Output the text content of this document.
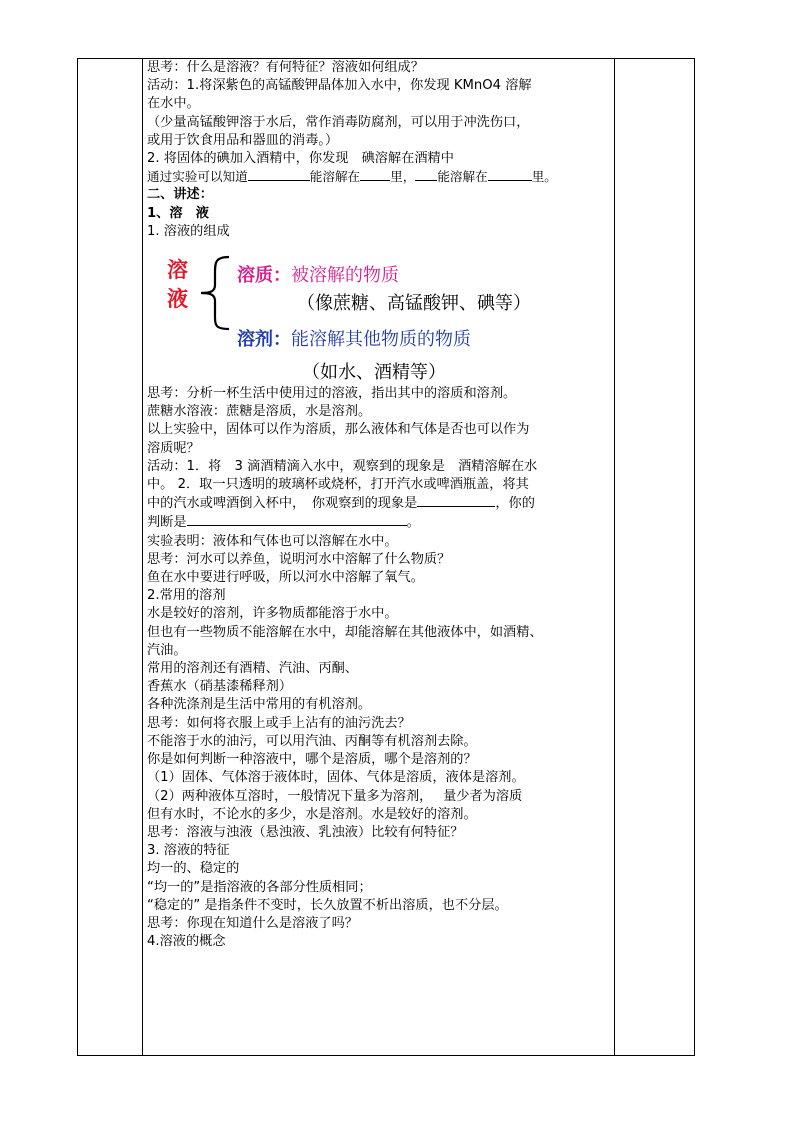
思考：什么是溶液？有何特征？溶液如何组成？

活动：1.将深紫色的高锰酸钾晶体加入水中，你发现 KMnO4 溶解

在水中。

（少量高锰酸钾溶于水后，常作消毒防腐剂，可以用于冲洗伤口，

或用于饮食用品和器皿的消毒。）

2. 将固体的碘加入酒精中，你发现　碘溶解在酒精中

通过实验可以知道	能溶解在 里， 能溶解在	里。

二、讲述：

1、溶　液

1. 溶液的组成

溶
液
溶质：被溶解的物质
（像蔗糖、高锰酸钾、碘等）
溶剂：能溶解其他物质的物质
（如水、酒精等）

思考：分析一杯生活中使用过的溶液，指出其中的溶质和溶剂。

蔗糖水溶液：蔗糖是溶质，水是溶剂。

以上实验中，固体可以作为溶质，那么液体和气体是否也可以作为

溶质呢？

活动：1．将　3 滴酒精滴入水中，观察到的现象是　酒精溶解在水

中。 2．取一只透明的玻璃杯或烧杯，打开汽水或啤酒瓶盖，将其

中的汽水或啤酒倒入杯中，　你观察到的现象是	，你的

判断是	。

实验表明：液体和气体也可以溶解在水中。

思考：河水可以养鱼，说明河水中溶解了什么物质？

鱼在水中要进行呼吸，所以河水中溶解了氧气。

2.常用的溶剂

水是较好的溶剂，许多物质都能溶于水中。

但也有一些物质不能溶解在水中，却能溶解在其他液体中，如酒精、

汽油。

常用的溶剂还有酒精、汽油、丙酮、

香蕉水（硝基漆稀释剂）

各种洗涤剂是生活中常用的有机溶剂。

思考：如何将衣服上或手上沾有的油污洗去？

不能溶于水的油污，可以用汽油、丙酮等有机溶剂去除。

你是如何判断一种溶液中，哪个是溶质，哪个是溶剂的？

（1）固体、气体溶于液体时，固体、气体是溶质，液体是溶剂。

（2）两种液体互溶时，一般情况下量多为溶剂，　 量少者为溶质

但有水时，不论水的多少，水是溶剂。水是较好的溶剂。

思考：溶液与浊液（悬浊液、乳浊液）比较有何特征？

3. 溶液的特征

均一的、稳定的

“均一的”是指溶液的各部分性质相同；

“稳定的” 是指条件不变时，长久放置不析出溶质，也不分层。

思考：你现在知道什么是溶液了吗？

4.溶液的概念
